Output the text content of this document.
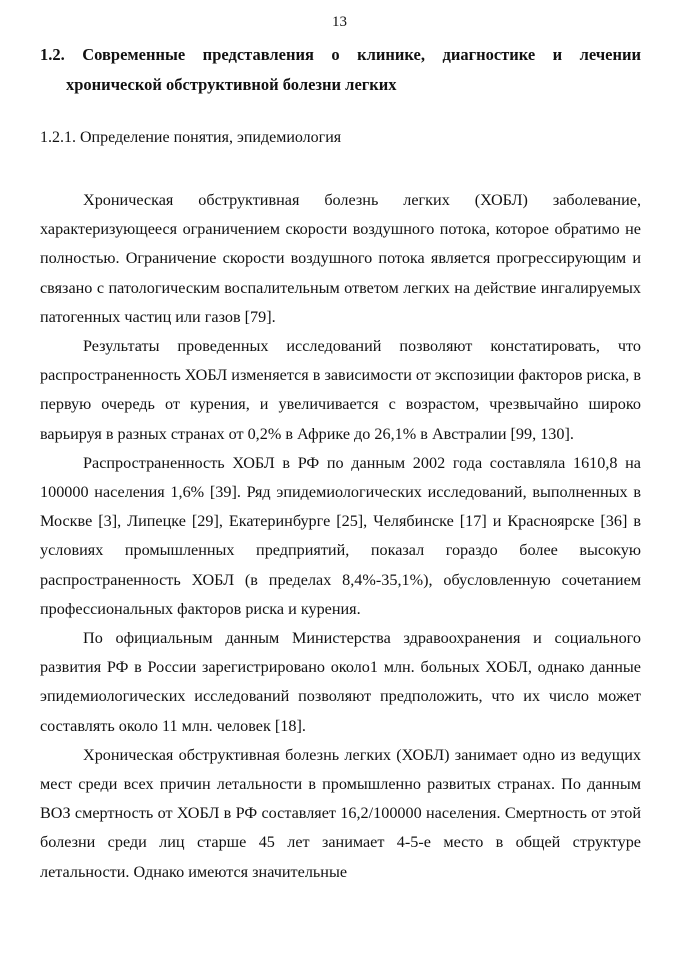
13
1.2. Современные представления о клинике, диагностике и лечении
хронической обструктивной болезни легких
1.2.1. Определение понятия, эпидемиология

Хроническая обструктивная болезнь легких (ХОБЛ) заболевание, характеризующееся ограничением скорости воздушного потока, которое обратимо не полностью. Ограничение скорости воздушного потока является прогрессирующим и связано с патологическим воспалительным ответом легких на действие ингалируемых патогенных частиц или газов [79].

Результаты проведенных исследований позволяют констатировать, что распространенность ХОБЛ изменяется в зависимости от экспозиции факторов риска, в первую очередь от курения, и увеличивается с возрастом, чрезвычайно широко варьируя в разных странах от 0,2% в Африке до 26,1% в Австралии [99, 130].

Распространенность ХОБЛ в РФ по данным 2002 года составляла 1610,8 на 100000 населения 1,6% [39]. Ряд эпидемиологических исследований, выполненных в Москве [3], Липецке [29], Екатеринбурге [25], Челябинске [17] и Красноярске [36] в условиях промышленных предприятий, показал гораздо более высокую распространенность ХОБЛ (в пределах 8,4%-35,1%), обусловленную сочетанием профессиональных факторов риска и курения.

По официальным данным Министерства здравоохранения и социального развития РФ в России зарегистрировано около1 млн. больных ХОБЛ, однако данные эпидемиологических исследований позволяют предположить, что их число может составлять около 11 млн. человек [18].

Хроническая обструктивная болезнь легких (ХОБЛ) занимает одно из ведущих мест среди всех причин летальности в промышленно развитых странах. По данным ВОЗ смертность от ХОБЛ в РФ составляет 16,2/100000 населения. Смертность от этой болезни среди лиц старше 45 лет занимает 4-5-е место в общей структуре летальности. Однако имеются значительные
